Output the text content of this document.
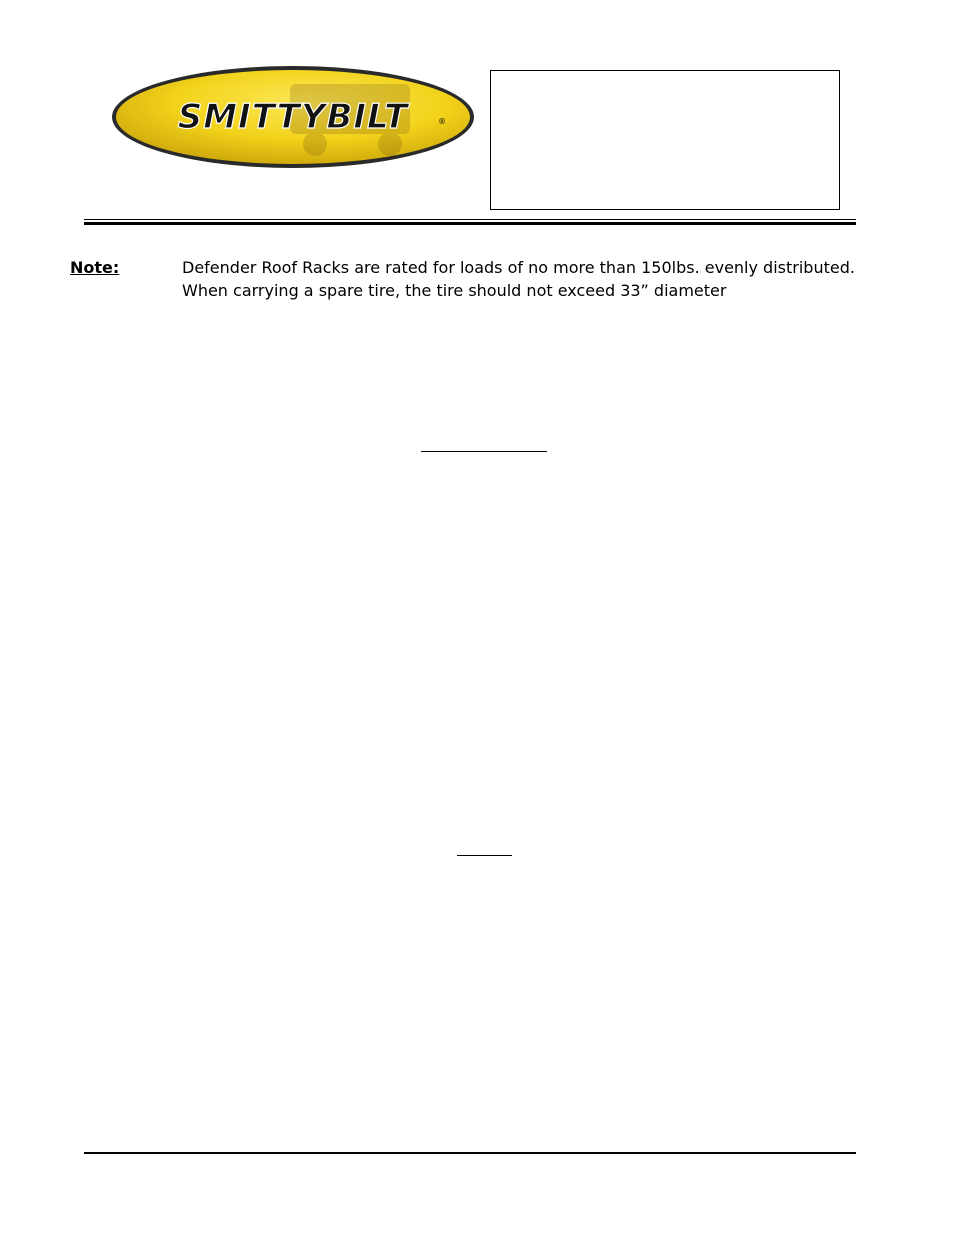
SMITTYBILT	®
Note:	Defender Roof Racks are rated for loads of no more than 150lbs. evenly distributed.
When carrying a spare tire, the tire should not exceed 33” diameter
